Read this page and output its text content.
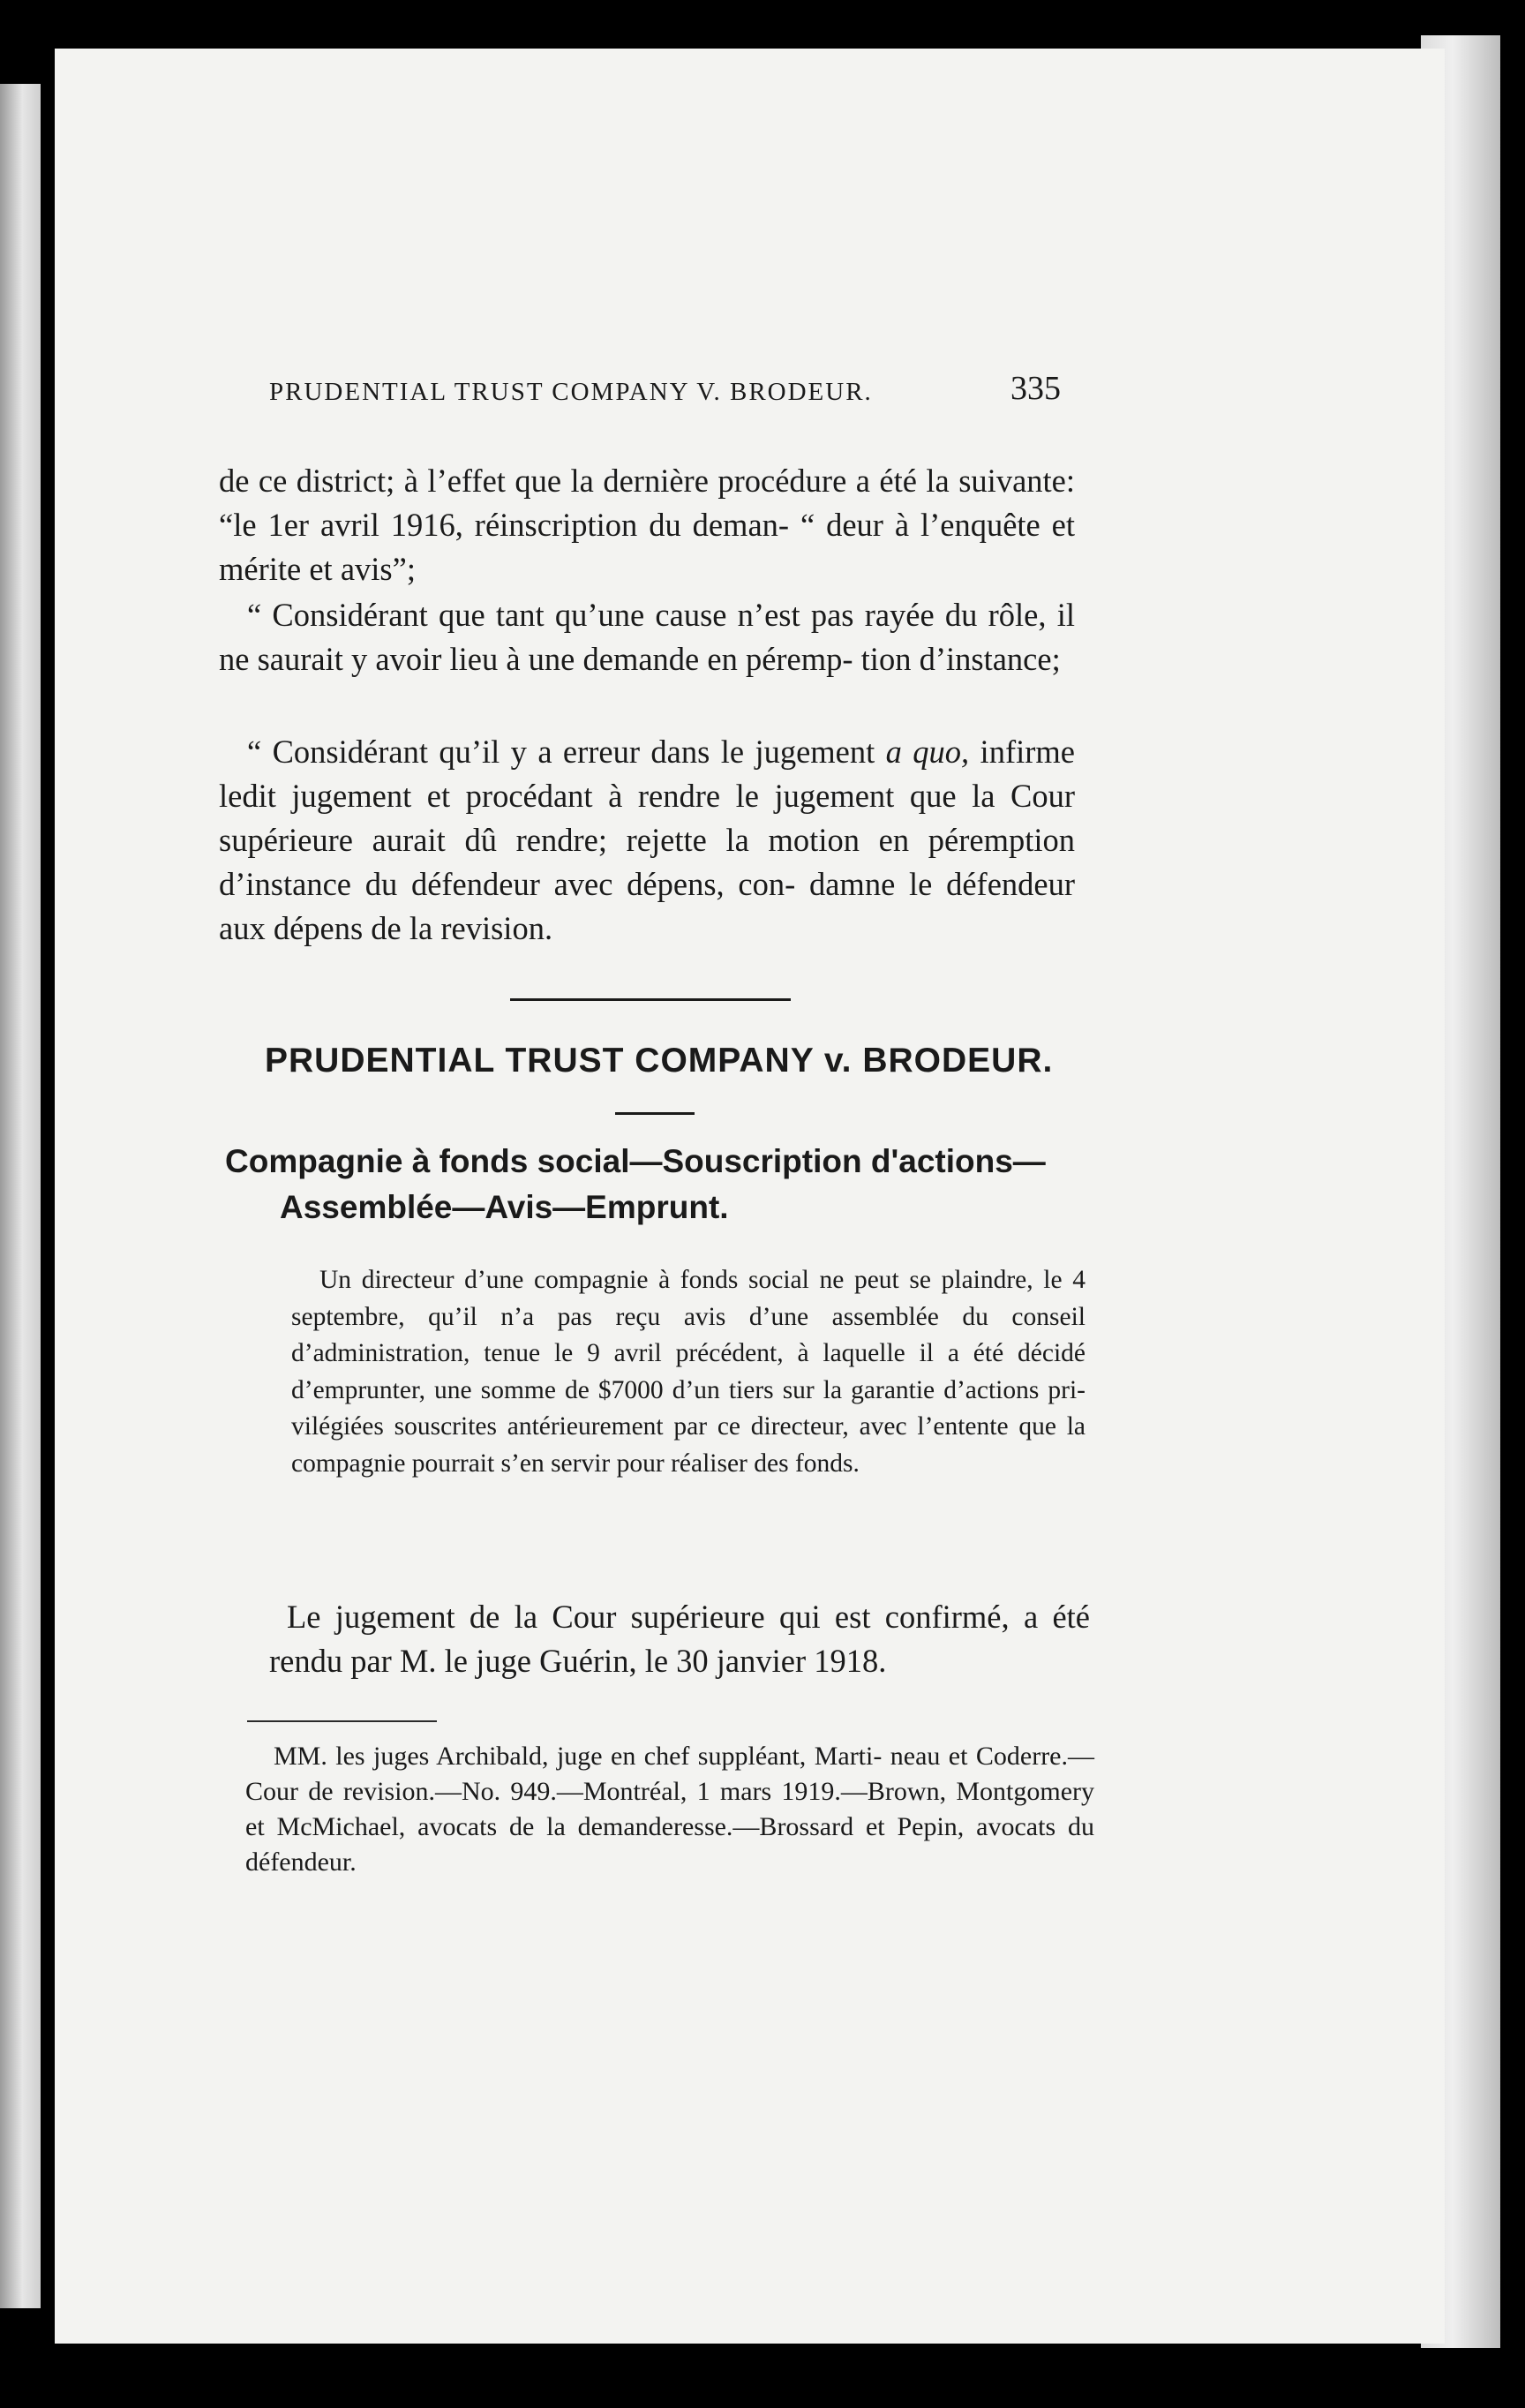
PRUDENTIAL TRUST COMPANY V. BRODEUR.	335
de ce district; à l’effet que la dernière procédure a été la suivante: “le 1er avril 1916, réinscription du deman- “ deur à l’enquête et mérite et avis”;
“ Considérant que tant qu’une cause n’est pas rayée du rôle, il ne saurait y avoir lieu à une demande en péremp- tion d’instance;
“ Considérant qu’il y a erreur dans le jugement a quo, infirme ledit jugement et procédant à rendre le jugement que la Cour supérieure aurait dû rendre; rejette la motion en péremption d’instance du défendeur avec dépens, con- damne le défendeur aux dépens de la revision.
PRUDENTIAL TRUST COMPANY v. BRODEUR.
Compagnie à fonds social—Souscription d'actions—
Assemblée—Avis—Emprunt.
Un directeur d’une compagnie à fonds social ne peut se plaindre, le 4 septembre, qu’il n’a pas reçu avis d’une assemblée du conseil d’administration, tenue le 9 avril précédent, à laquelle il a été décidé d’emprunter, une somme de $7000 d’un tiers sur la garantie d’actions pri- vilégiées souscrites antérieurement par ce directeur, avec l’entente que la compagnie pourrait s’en servir pour réaliser des fonds.
Le jugement de la Cour supérieure qui est confirmé, a été rendu par M. le juge Guérin, le 30 janvier 1918.
MM. les juges Archibald, juge en chef suppléant, Marti- neau et Coderre.—Cour de revision.—No. 949.—Montréal, 1 mars 1919.—Brown, Montgomery et McMichael, avocats de la demanderesse.—Brossard et Pepin, avocats du défendeur.
